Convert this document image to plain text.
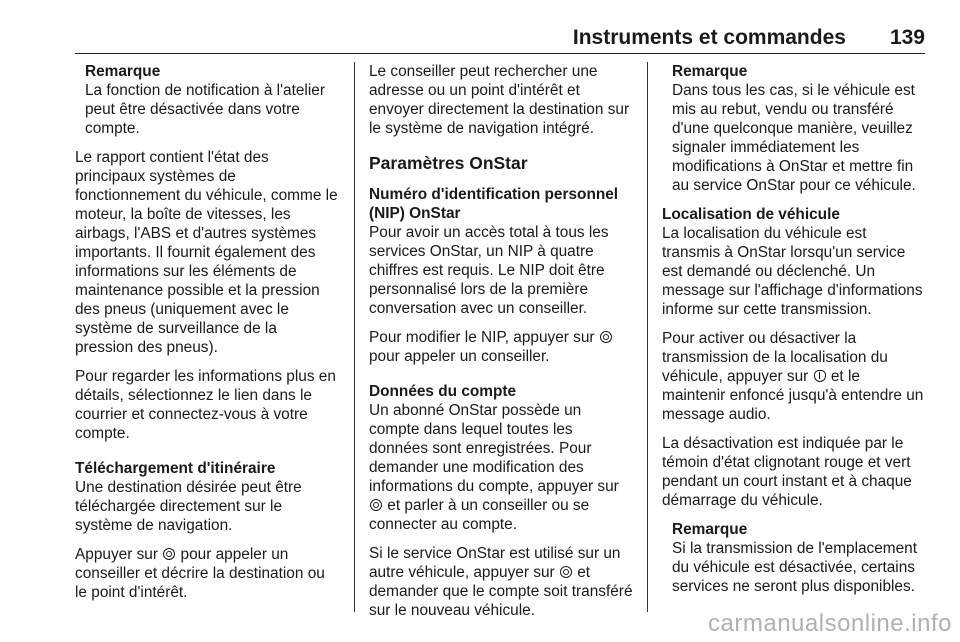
Instruments et commandes 139
Remarque
La fonction de notification à l'atelier peut être désactivée dans votre compte.

Le rapport contient l'état des principaux systèmes de fonctionnement du véhicule, comme le moteur, la boîte de vitesses, les airbags, l'ABS et d'autres systèmes importants. Il fournit également des informations sur les éléments de maintenance possible et la pression des pneus (uniquement avec le système de surveillance de la pression des pneus).

Pour regarder les informations plus en détails, sélectionnez le lien dans le courrier et connectez-vous à votre compte.

Téléchargement d'itinéraire

Une destination désirée peut être téléchargée directement sur le système de navigation.

Appuyer sur pour appeler un conseiller et décrire la destination ou le point d'intérêt.

Le conseiller peut rechercher une adresse ou un point d'intérêt et envoyer directement la destination sur le système de navigation intégré.

Paramètres OnStar
Numéro d'identification personnel (NIP) OnStar

Pour avoir un accès total à tous les services OnStar, un NIP à quatre chiffres est requis. Le NIP doit être personnalisé lors de la première conversation avec un conseiller.

Pour modifier le NIP, appuyer sur  pour appeler un conseiller.

Données du compte

Un abonné OnStar possède un compte dans lequel toutes les données sont enregistrées. Pour demander une modification des informations du compte, appuyer sur  et parler à un conseiller ou se connecter au compte.

Si le service OnStar est utilisé sur un autre véhicule, appuyer sur et demander que le compte soit transféré sur le nouveau véhicule.

Remarque
Dans tous les cas, si le véhicule est mis au rebut, vendu ou transféré d'une quelconque manière, veuillez signaler immédiatement les modifications à OnStar et mettre fin au service OnStar pour ce véhicule.
Localisation de véhicule

La localisation du véhicule est transmis à OnStar lorsqu'un service est demandé ou déclenché. Un message sur l'affichage d'informations informe sur cette transmission.

Pour activer ou désactiver la transmission de la localisation du véhicule, appuyer sur et le maintenir enfoncé jusqu'à entendre un message audio.

La désactivation est indiquée par le témoin d'état clignotant rouge et vert pendant un court instant et à chaque démarrage du véhicule.

Remarque
Si la transmission de l'emplacement du véhicule est désactivée, certains services ne seront plus disponibles.
carmanualsonline.info
